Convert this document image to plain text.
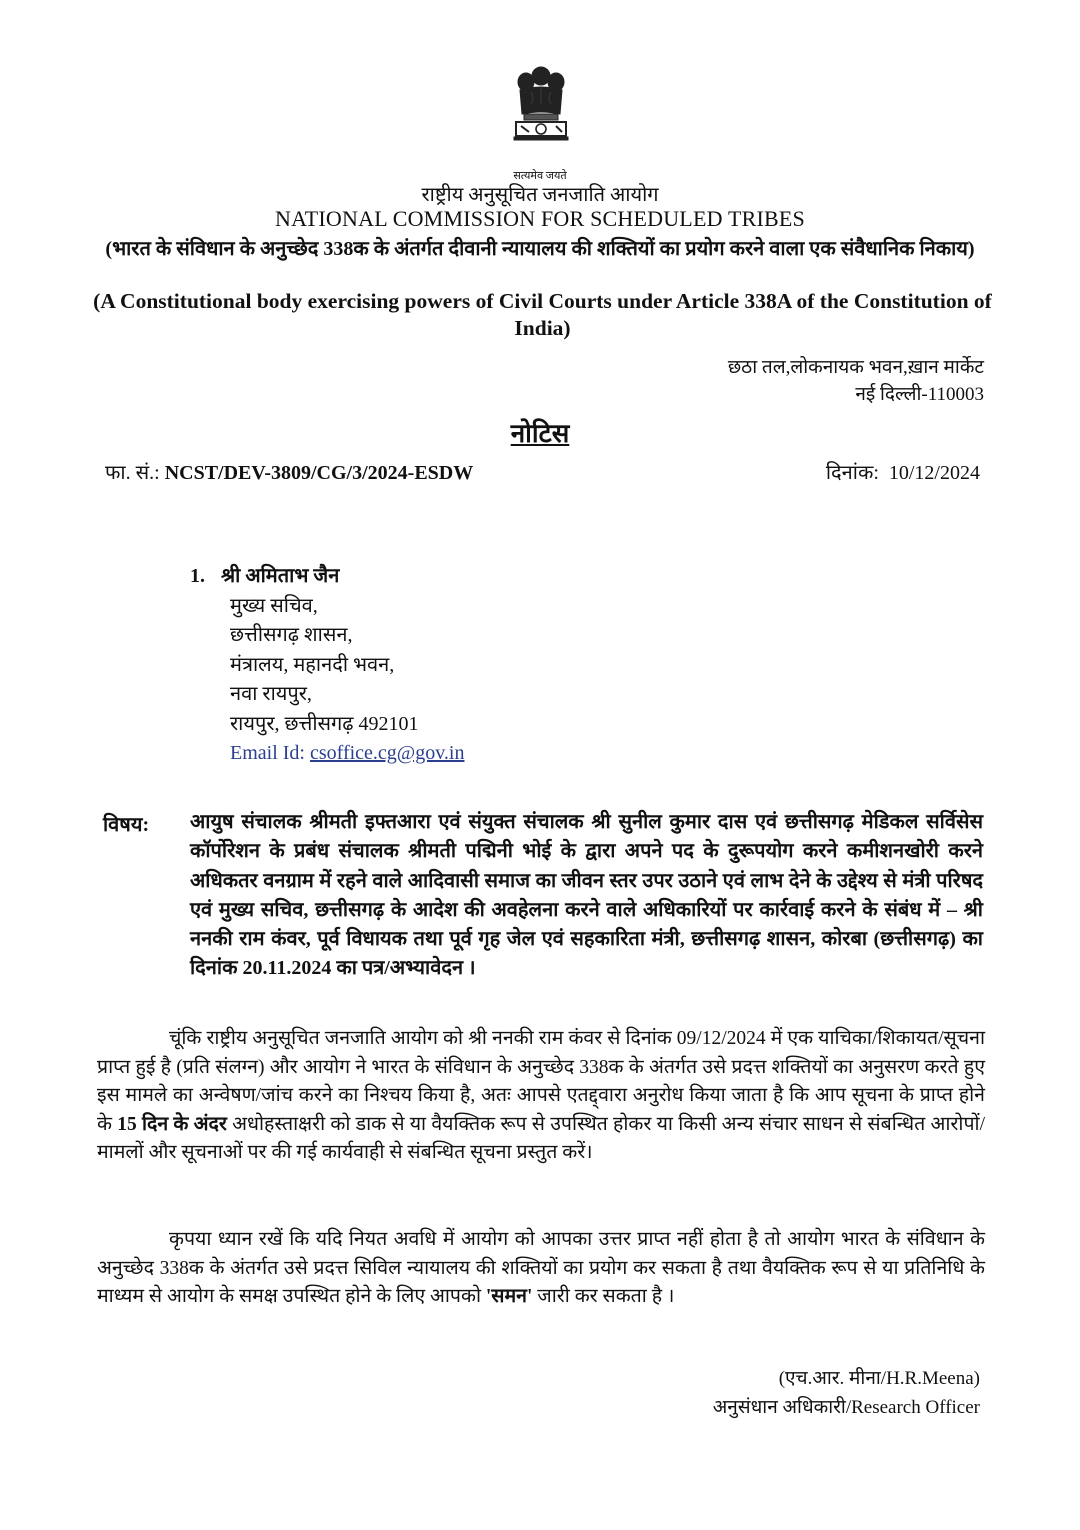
सत्यमेव जयते
राष्ट्रीय अनुसूचित जनजाति आयोग
NATIONAL COMMISSION FOR SCHEDULED TRIBES
(भारत के संविधान के अनुच्छेद 338क के अंतर्गत दीवानी न्यायालय की शक्तियों का प्रयोग करने वाला एक संवैधानिक निकाय)
(A Constitutional body exercising powers of Civil Courts under Article 338A of the Constitution of India)
छठा तल,लोकनायक भवन,ख़ान मार्केट
नई दिल्ली-110003
नोटिस
फा. सं.: NCST/DEV-3809/CG/3/2024-ESDW	दिनांक: 10/12/2024
1. श्री अमिताभ जैन
मुख्य सचिव,
छत्तीसगढ़ शासन,
मंत्रालय, महानदी भवन,
नवा रायपुर,
रायपुर, छत्तीसगढ़ 492101
Email Id: csoffice.cg@gov.in
विषय: आयुष संचालक श्रीमती इफ्तआरा एवं संयुक्त संचालक श्री सुनील कुमार दास एवं छत्तीसगढ़ मेडिकल सर्विसेस कॉर्पोरेशन के प्रबंध संचालक श्रीमती पद्मिनी भोई के द्वारा अपने पद के दुरूपयोग करने कमीशनखोरी करने अधिकतर वनग्राम में रहने वाले आदिवासी समाज का जीवन स्तर उपर उठाने एवं लाभ देने के उद्देश्य से मंत्री परिषद एवं मुख्य सचिव, छत्तीसगढ़ के आदेश की अवहेलना करने वाले अधिकारियों पर कार्रवाई करने के संबंध में – श्री ननकी राम कंवर, पूर्व विधायक तथा पूर्व गृह जेल एवं सहकारिता मंत्री, छत्तीसगढ़ शासन, कोरबा (छत्तीसगढ़) का दिनांक 20.11.2024 का पत्र/अभ्यावेदन ।
चूंकि राष्ट्रीय अनुसूचित जनजाति आयोग को श्री ननकी राम कंवर से दिनांक 09/12/2024 में एक याचिका/शिकायत/सूचना प्राप्त हुई है (प्रति संलग्न) और आयोग ने भारत के संविधान के अनुच्छेद 338क के अंतर्गत उसे प्रदत्त शक्तियों का अनुसरण करते हुए इस मामले का अन्वेषण/जांच करने का निश्चय किया है, अतः आपसे एतद्द्वारा अनुरोध किया जाता है कि आप सूचना के प्राप्त होने के 15 दिन के अंदर अधोहस्ताक्षरी को डाक से या वैयक्तिक रूप से उपस्थित होकर या किसी अन्य संचार साधन से संबन्धित आरोपों/मामलों और सूचनाओं पर की गई कार्यवाही से संबन्धित सूचना प्रस्तुत करें।
कृपया ध्यान रखें कि यदि नियत अवधि में आयोग को आपका उत्तर प्राप्त नहीं होता है तो आयोग भारत के संविधान के अनुच्छेद 338क के अंतर्गत उसे प्रदत्त सिविल न्यायालय की शक्तियों का प्रयोग कर सकता है तथा वैयक्तिक रूप से या प्रतिनिधि के माध्यम से आयोग के समक्ष उपस्थित होने के लिए आपको 'समन' जारी कर सकता है ।
(एच.आर. मीना/H.R.Meena)
अनुसंधान अधिकारी/Research Officer
